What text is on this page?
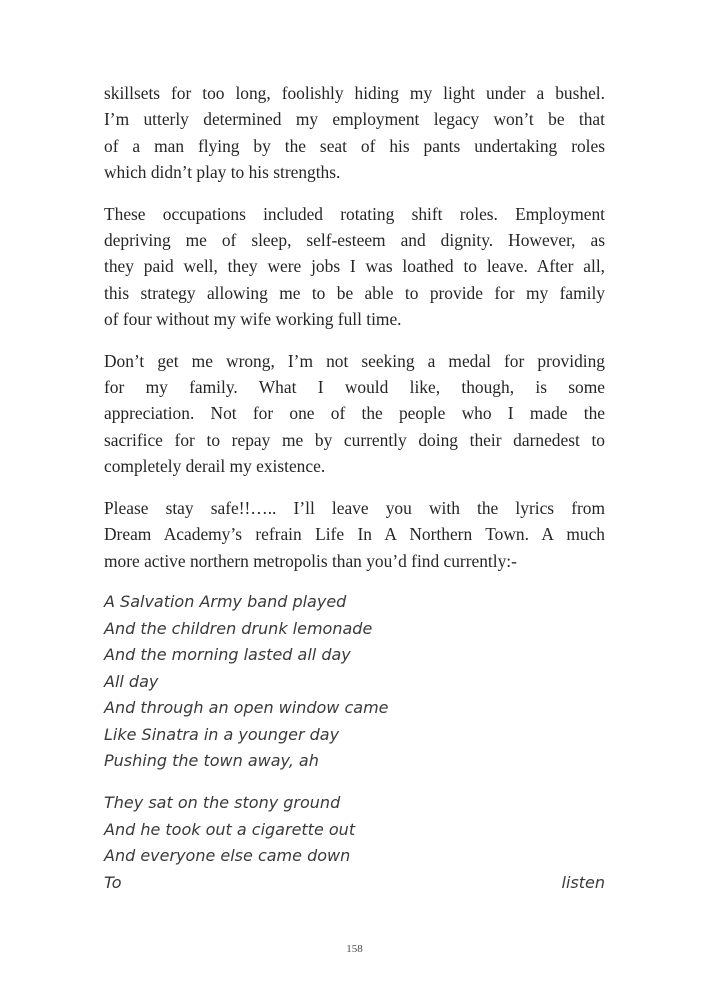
skillsets for too long, foolishly hiding my light under a bushel.
I’m utterly determined my employment legacy won’t be that
of a man flying by the seat of his pants undertaking roles
which didn’t play to his strengths.
These occupations included rotating shift roles. Employment
depriving me of sleep, self-esteem and dignity. However, as
they paid well, they were jobs I was loathed to leave. After all,
this strategy allowing me to be able to provide for my family
of four without my wife working full time.
Don’t get me wrong, I’m not seeking a medal for providing
for my family. What I would like, though, is some
appreciation. Not for one of the people who I made the
sacrifice for to repay me by currently doing their darnedest to
completely derail my existence.
Please stay safe!!….. I’ll leave you with the lyrics from
Dream Academy’s refrain Life In A Northern Town. A much
more active northern metropolis than you’d find currently:-
A Salvation Army band played
And the children drunk lemonade
And the morning lasted all day
All day
And through an open window came
Like Sinatra in a younger day
Pushing the town away, ah
They sat on the stony ground
And he took out a cigarette out
And everyone else came down
To	listen
158
